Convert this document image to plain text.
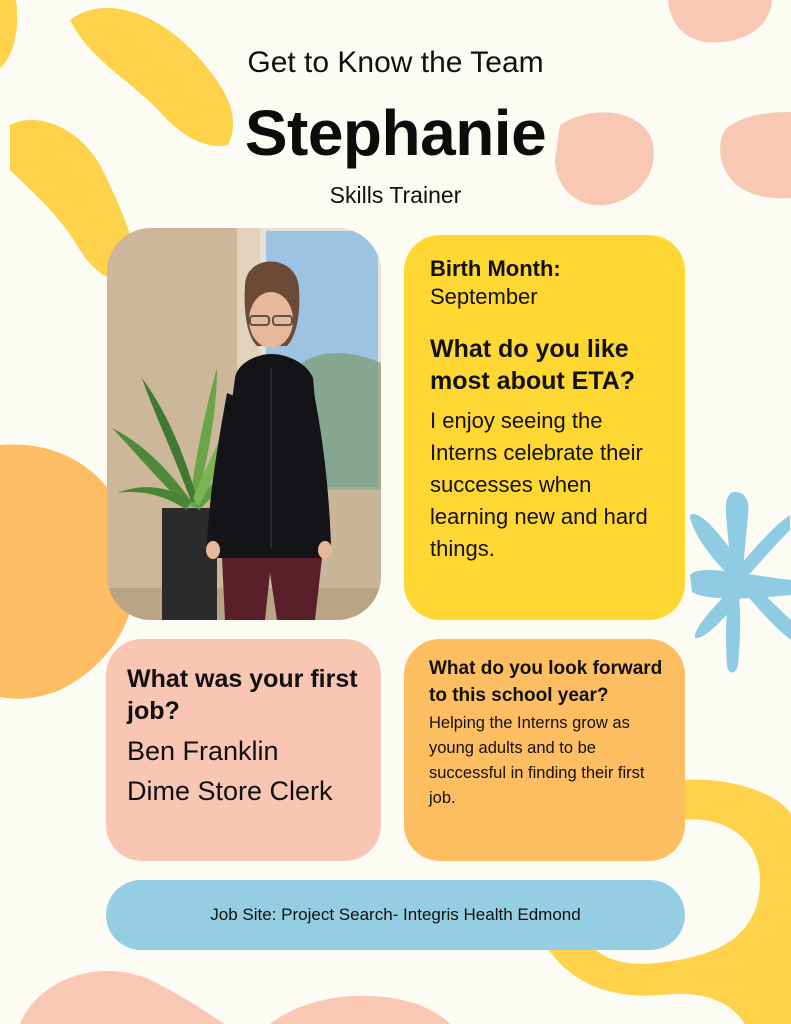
Get to Know the Team
Stephanie
Skills Trainer
Birth Month:
September
What do you like most about ETA?
I enjoy seeing the Interns celebrate their successes when learning new and hard things.
What was your first job?
Ben Franklin
Dime Store Clerk
What do you look forward to this school year?
Helping the Interns grow as young adults and to be successful in finding their first job.
Job Site: Project Search- Integris Health Edmond
